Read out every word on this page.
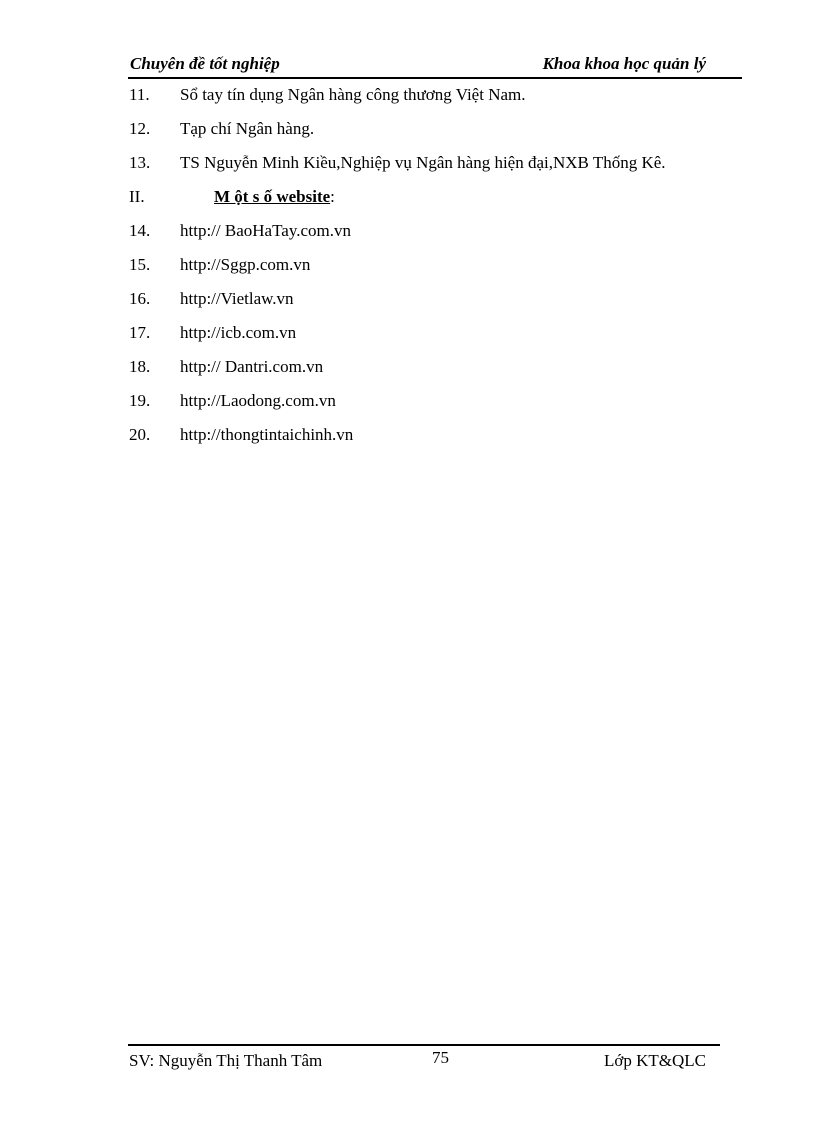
Chuyên đề tốt nghiệp	Khoa khoa học quản lý
11. Sổ tay tín dụng Ngân hàng công thương Việt Nam.
12. Tạp chí Ngân hàng.
13. TS Nguyễn Minh Kiều,Nghiệp vụ Ngân hàng hiện đại,NXB Thống Kê.
II.	M ột s ố website:
14. http:// BaoHaTay.com.vn
15. http://Sggp.com.vn
16. http://Vietlaw.vn
17. http://icb.com.vn
18. http:// Dantri.com.vn
19. http://Laodong.com.vn
20. http://thongtintaichinh.vn
SV: Nguyễn Thị Thanh Tâm	75	Lớp KT&QLC
